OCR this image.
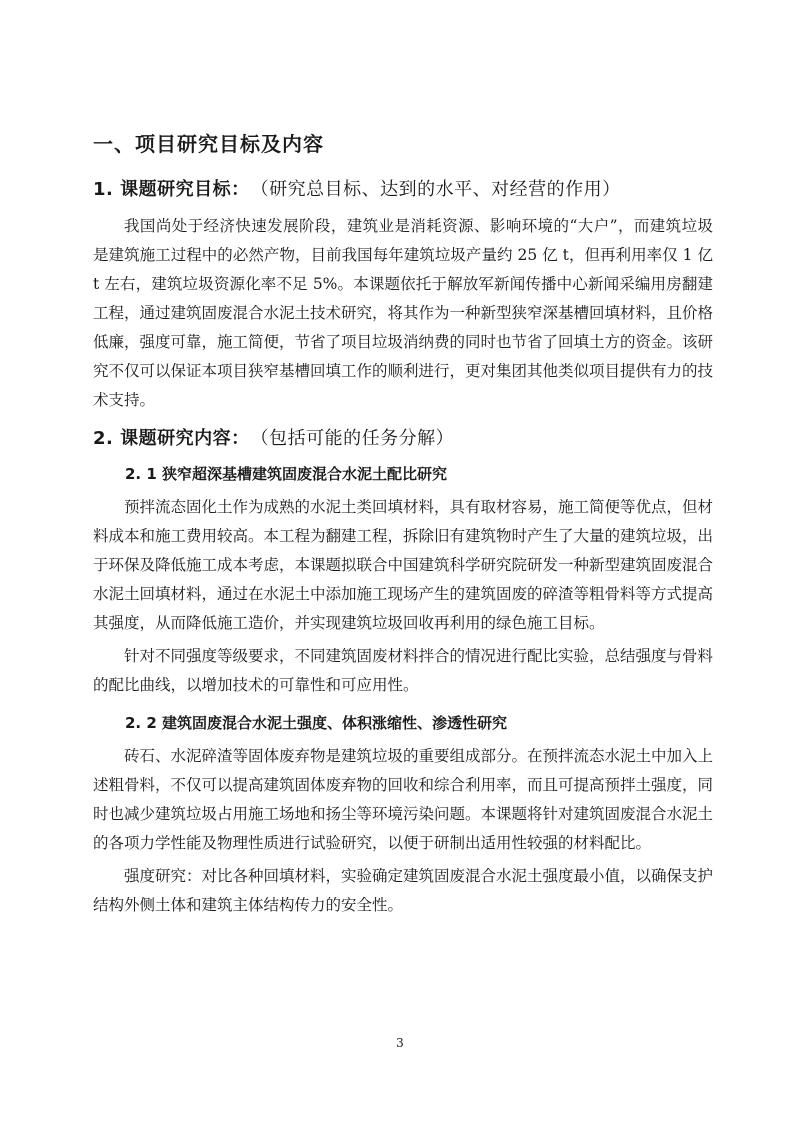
一、项目研究目标及内容
1. 课题研究目标： （研究总目标、达到的水平、对经营的作用）

我国尚处于经济快速发展阶段，建筑业是消耗资源、影响环境的“大户”，而建筑垃圾是建筑施工过程中的必然产物，目前我国每年建筑垃圾产量约 25 亿 t，但再利用率仅 1 亿 t 左右，建筑垃圾资源化率不足 5%。本课题依托于解放军新闻传播中心新闻采编用房翻建工程，通过建筑固废混合水泥土技术研究，将其作为一种新型狭窄深基槽回填材料，且价格低廉，强度可靠，施工简便，节省了项目垃圾消纳费的同时也节省了回填土方的资金。该研究不仅可以保证本项目狭窄基槽回填工作的顺利进行，更对集团其他类似项目提供有力的技术支持。

2. 课题研究内容： （包括可能的任务分解）
2. 1 狭窄超深基槽建筑固废混合水泥土配比研究

预拌流态固化土作为成熟的水泥土类回填材料，具有取材容易，施工简便等优点，但材料成本和施工费用较高。本工程为翻建工程，拆除旧有建筑物时产生了大量的建筑垃圾，出于环保及降低施工成本考虑，本课题拟联合中国建筑科学研究院研发一种新型建筑固废混合水泥土回填材料，通过在水泥土中添加施工现场产生的建筑固废的碎渣等粗骨料等方式提高其强度，从而降低施工造价，并实现建筑垃圾回收再利用的绿色施工目标。

针对不同强度等级要求，不同建筑固废材料拌合的情况进行配比实验，总结强度与骨料的配比曲线，以增加技术的可靠性和可应用性。

2. 2 建筑固废混合水泥土强度、体积涨缩性、渗透性研究

砖石、水泥碎渣等固体废弃物是建筑垃圾的重要组成部分。在预拌流态水泥土中加入上述粗骨料，不仅可以提高建筑固体废弃物的回收和综合利用率，而且可提高预拌土强度，同时也减少建筑垃圾占用施工场地和扬尘等环境污染问题。本课题将针对建筑固废混合水泥土的各项力学性能及物理性质进行试验研究，以便于研制出适用性较强的材料配比。

强度研究：对比各种回填材料，实验确定建筑固废混合水泥土强度最小值，以确保支护结构外侧土体和建筑主体结构传力的安全性。

3
